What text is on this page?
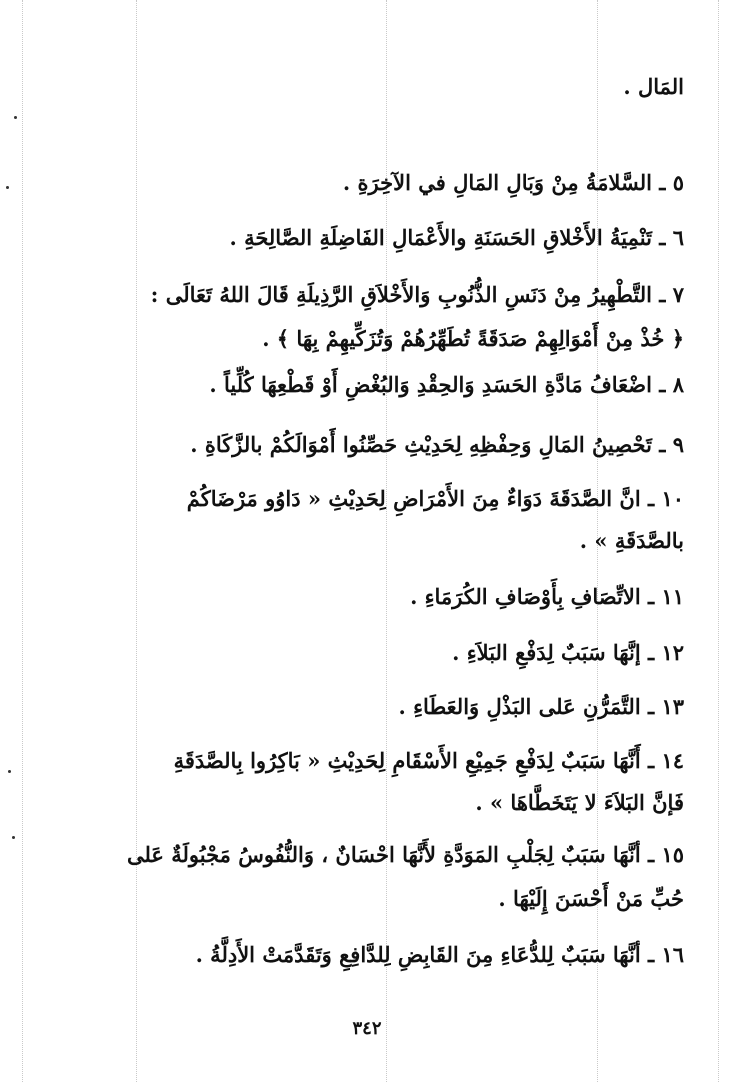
المَال .
٥ ـ السَّلامَةُ مِنْ وَبَالِ المَالِ في الآخِرَةِ .
٦ ـ تَنْمِيَةُ الأَخْلاقِ الحَسَنَةِ والأَعْمَالِ الفَاضِلَةِ الصَّالِحَةِ .
٧ ـ التَّطْهِيرُ مِنْ دَنَسِ الذُّنُوبِ وَالأَخْلاَقِ الرَّذِيلَةِ قَالَ اللهُ تَعَالَى :
﴿ خُذْ مِنْ أَمْوَالِهِمْ صَدَقَةً تُطَهِّرُهُمْ وَتُزَكِّيهِمْ بِهَا ﴾ .
٨ ـ اضْعَافُ مَادَّةِ الحَسَدِ وَالحِقْدِ وَالبُغْضِ أَوْ قَطْعِهَا كُلِّياً .
٩ ـ تَحْصِينُ المَالِ وَحِفْظِهِ لِحَدِيْثِ حَصِّنُوا أَمْوَالَكُمْ بالزَّكَاةِ .
١٠ ـ انَّ الصَّدَقَةَ دَوَاءٌ مِنَ الأَمْرَاضِ لِحَدِيْثِ « دَاوُو مَرْضَاكُمْ
بالصَّدَقَةِ » .
١١ ـ الاتِّصَافِ بِأَوْصَافِ الكُرَمَاءِ .
١٢ ـ إنَّهَا سَبَبٌ لِدَفْعِ البَلاَءِ .
١٣ ـ التَّمَرُّنِ عَلى البَذْلِ وَالعَطَاءِ .
١٤ ـ أَنَّهَا سَبَبٌ لِدَفْعِ جَمِيْعِ الأَسْقَامِ لِحَدِيْثِ « بَاكِرُوا بِالصَّدَقَةِ
فَإنَّ البَلاَءَ لا يَتَخَطَّاهَا » .
١٥ ـ أنَّهَا سَبَبٌ لِجَلْبِ المَوَدَّةِ لأَنَّهَا احْسَانٌ ، وَالنُّفُوسُ مَجْبُولَةٌ عَلى
حُبِّ مَنْ أَحْسَنَ إِلَيْهَا .
١٦ ـ أنَّهَا سَبَبٌ لِلدُّعَاءِ مِنَ القَابِضِ لِلدَّافِعِ وَتَقَدَّمَتْ الأَدِلَّةُ .
٣٤٢
